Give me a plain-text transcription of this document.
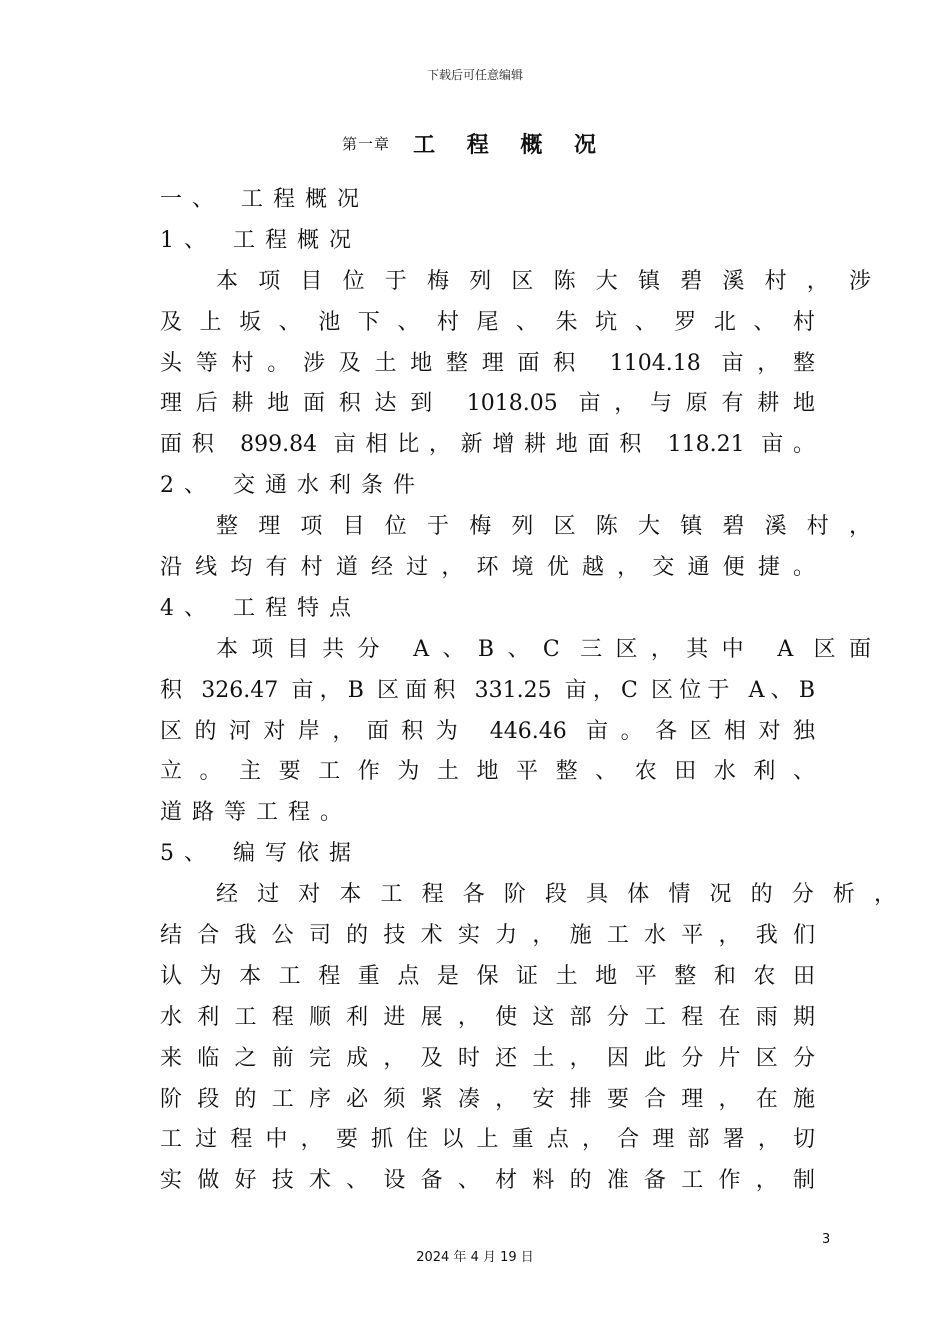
下载后可任意编辑
第一章 工 程 概 况
一、 工程概况
1、 工程概况
本项目位于梅列区陈大镇碧溪村，涉
及上坂、池下、村尾、朱坑、罗北、村
头等村。涉及土地整理面积 1104.18 亩，整
理后耕地面积达到 1018.05 亩，与原有耕地
面积 899.84 亩相比，新增耕地面积 118.21 亩。
2、 交通水利条件
整理项目位于梅列区陈大镇碧溪村，
沿线均有村道经过，环境优越，交通便捷。
4、 工程特点
本项目共分 A、B、C 三区，其中 A 区面
积 326.47 亩，B 区面积 331.25 亩，C 区位于 A、B
区的河对岸，面积为 446.46 亩。各区相对独
立。主要工作为土地平整、农田水利、
道路等工程。
5、 编写依据
经过对本工程各阶段具体情况的分析，
结合我公司的技术实力，施工水平，我们
认为本工程重点是保证土地平整和农田
水利工程顺利进展，使这部分工程在雨期
来临之前完成，及时还土，因此分片区分
阶段的工序必须紧凑，安排要合理，在施
工过程中，要抓住以上重点，合理部署，切
实做好技术、设备、材料的准备工作，制
3
2024 年 4 月 19 日
